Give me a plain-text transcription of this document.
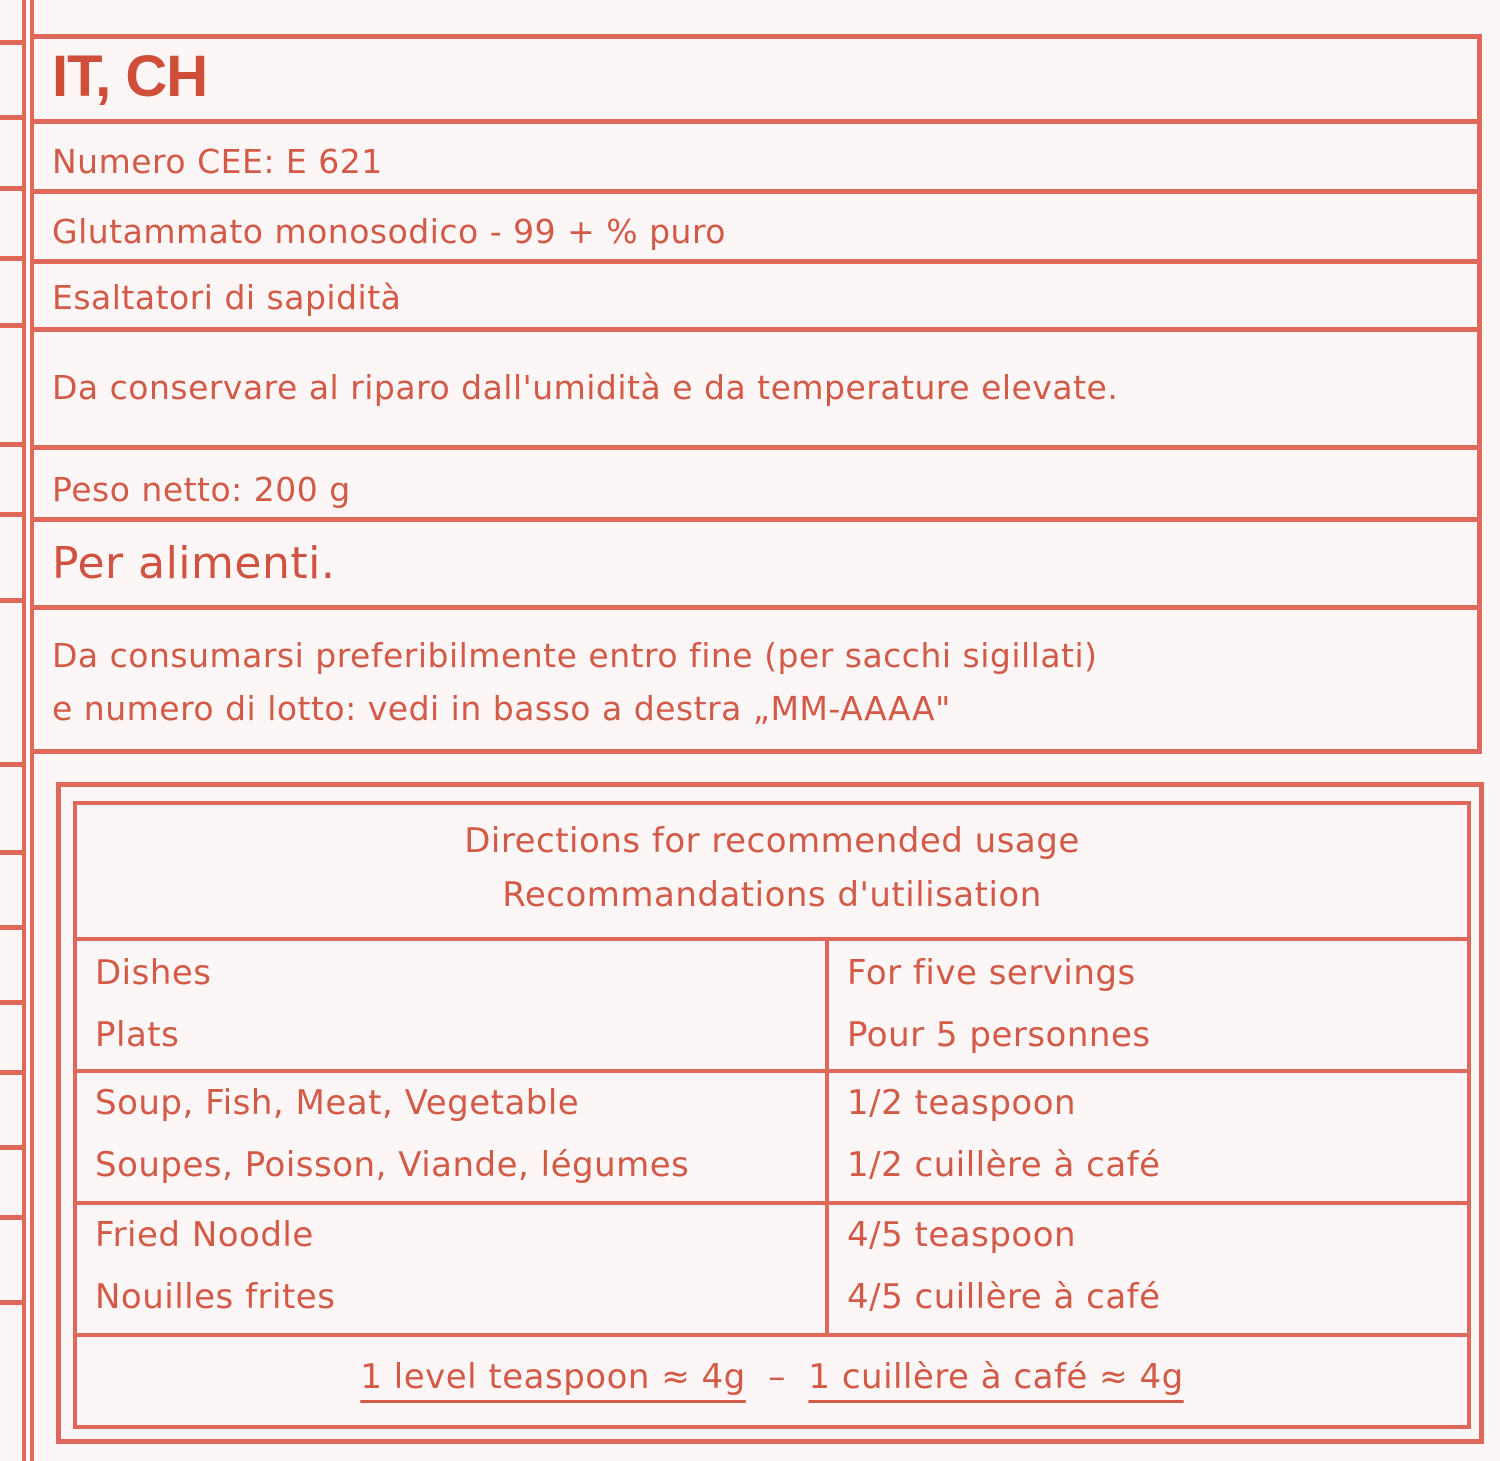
IT, CH
Numero CEE: E 621
Glutammato monosodico - 99 + % puro
Esaltatori di sapidità
Da conservare al riparo dall'umidità e da temperature elevate.
Peso netto: 200 g
Per alimenti.
Da consumarsi preferibilmente entro fine (per sacchi sigillati)
e numero di lotto: vedi in basso a destra „MM-AAAA"
Directions for recommended usage
Recommandations d'utilisation
Dishes
Plats
For five servings
Pour 5 personnes
Soup, Fish, Meat, Vegetable
Soupes, Poisson, Viande, légumes
1/2 teaspoon
1/2 cuillère à café
Fried Noodle
Nouilles frites
4/5 teaspoon
4/5 cuillère à café
1 level teaspoon ≈ 4g – 1 cuillère à café ≈ 4g
